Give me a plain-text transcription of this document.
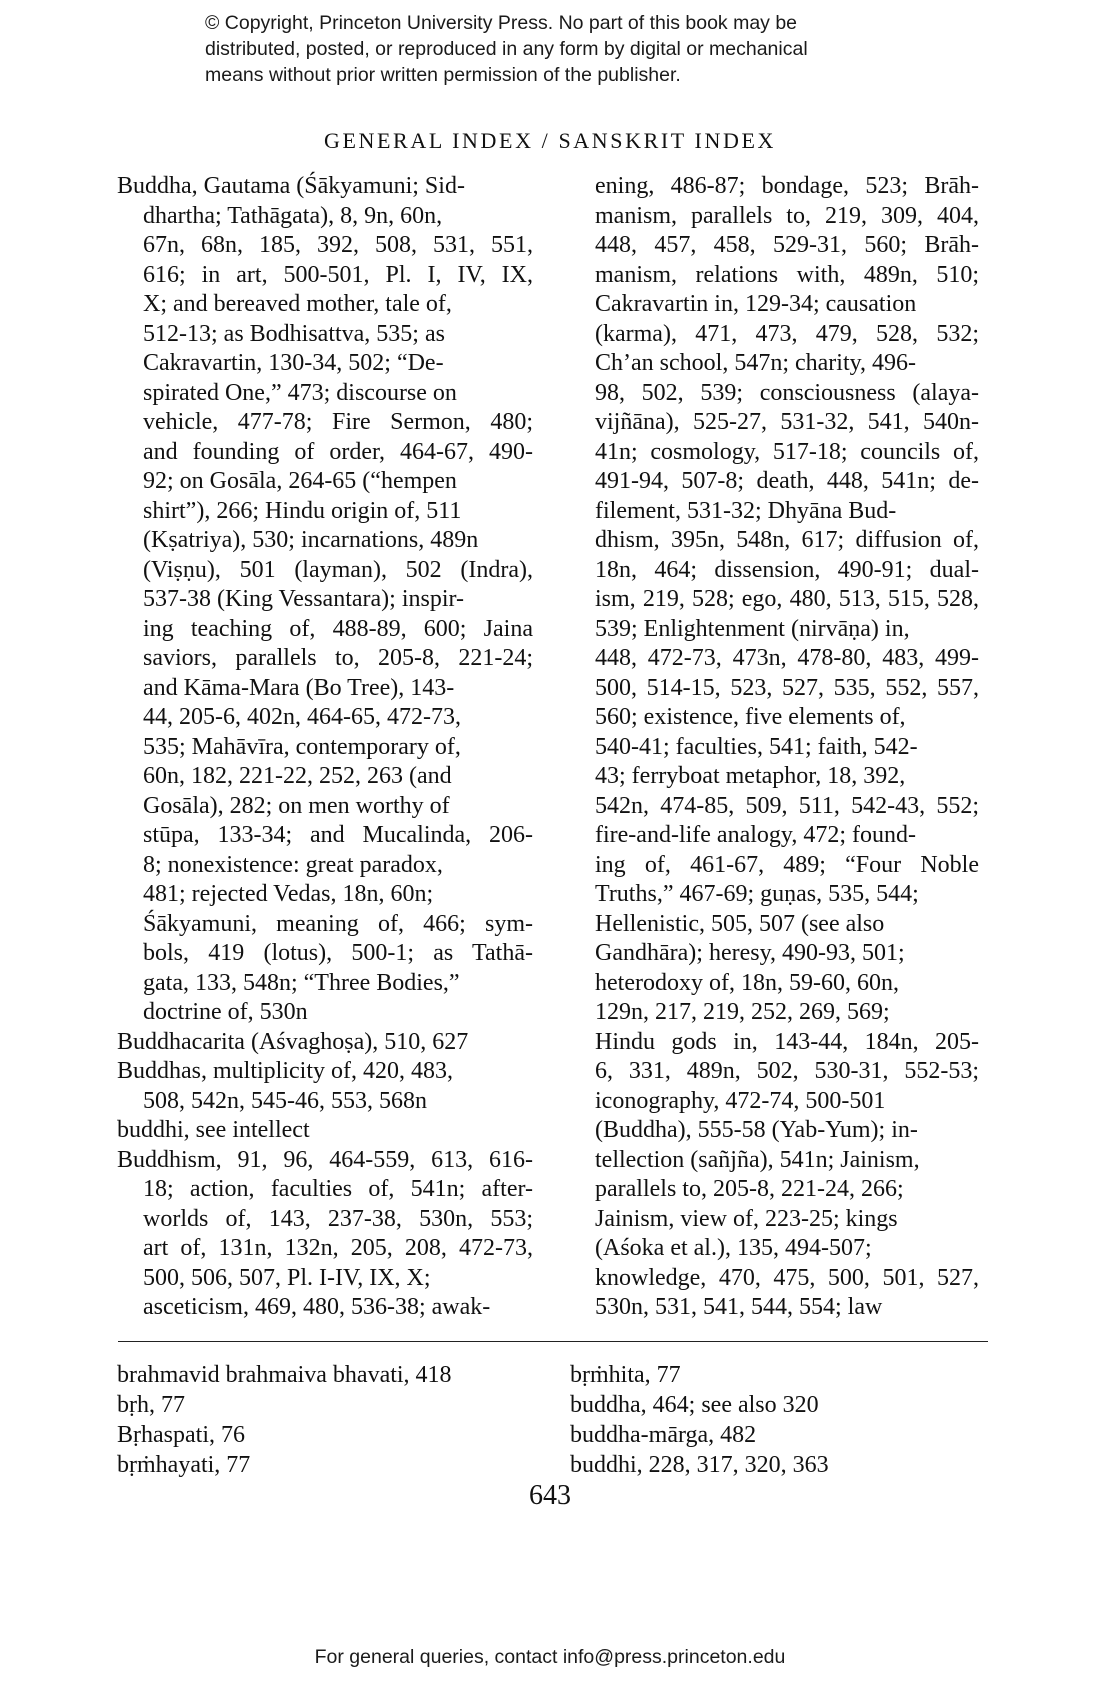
© Copyright, Princeton University Press. No part of this book may be
distributed, posted, or reproduced in any form by digital or mechanical
means without prior written permission of the publisher.
GENERAL INDEX / SANSKRIT INDEX
Buddha, Gautama (Śākyamuni; Sid-
dhartha; Tathāgata), 8, 9n, 60n,
67n, 68n, 185, 392, 508, 531, 551,
616; in art, 500-501, Pl. I, IV, IX,
X; and bereaved mother, tale of,
512-13; as Bodhisattva, 535; as
Cakravartin, 130-34, 502; “De-
spirated One,” 473; discourse on
vehicle, 477-78; Fire Sermon, 480;
and founding of order, 464-67, 490-
92; on Gosāla, 264-65 (“hempen
shirt”), 266; Hindu origin of, 511
(Kṣatriya), 530; incarnations, 489n
(Viṣṇu), 501 (layman), 502 (Indra),
537-38 (King Vessantara); inspir-
ing teaching of, 488-89, 600; Jaina
saviors, parallels to, 205-8, 221-24;
and Kāma-Mara (Bo Tree), 143-
44, 205-6, 402n, 464-65, 472-73,
535; Mahāvīra, contemporary of,
60n, 182, 221-22, 252, 263 (and
Gosāla), 282; on men worthy of
stūpa, 133-34; and Mucalinda, 206-
8; nonexistence: great paradox,
481; rejected Vedas, 18n, 60n;
Śākyamuni, meaning of, 466; sym-
bols, 419 (lotus), 500-1; as Tathā-
gata, 133, 548n; “Three Bodies,”
doctrine of, 530n
Buddhacarita (Aśvaghoṣa), 510, 627
Buddhas, multiplicity of, 420, 483,
508, 542n, 545-46, 553, 568n
buddhi, see intellect
Buddhism, 91, 96, 464-559, 613, 616-
18; action, faculties of, 541n; after-
worlds of, 143, 237-38, 530n, 553;
art of, 131n, 132n, 205, 208, 472-73,
500, 506, 507, Pl. I-IV, IX, X;
asceticism, 469, 480, 536-38; awak-
ening, 486-87; bondage, 523; Brāh-
manism, parallels to, 219, 309, 404,
448, 457, 458, 529-31, 560; Brāh-
manism, relations with, 489n, 510;
Cakravartin in, 129-34; causation
(karma), 471, 473, 479, 528, 532;
Ch’an school, 547n; charity, 496-
98, 502, 539; consciousness (alaya-
vijñāna), 525-27, 531-32, 541, 540n-
41n; cosmology, 517-18; councils of,
491-94, 507-8; death, 448, 541n; de-
filement, 531-32; Dhyāna Bud-
dhism, 395n, 548n, 617; diffusion of,
18n, 464; dissension, 490-91; dual-
ism, 219, 528; ego, 480, 513, 515, 528,
539; Enlightenment (nirvāṇa) in,
448, 472-73, 473n, 478-80, 483, 499-
500, 514-15, 523, 527, 535, 552, 557,
560; existence, five elements of,
540-41; faculties, 541; faith, 542-
43; ferryboat metaphor, 18, 392,
542n, 474-85, 509, 511, 542-43, 552;
fire-and-life analogy, 472; found-
ing of, 461-67, 489; “Four Noble
Truths,” 467-69; guṇas, 535, 544;
Hellenistic, 505, 507 (see also
Gandhāra); heresy, 490-93, 501;
heterodoxy of, 18n, 59-60, 60n,
129n, 217, 219, 252, 269, 569;
Hindu gods in, 143-44, 184n, 205-
6, 331, 489n, 502, 530-31, 552-53;
iconography, 472-74, 500-501
(Buddha), 555-58 (Yab-Yum); in-
tellection (sañjña), 541n; Jainism,
parallels to, 205-8, 221-24, 266;
Jainism, view of, 223-25; kings
(Aśoka et al.), 135, 494-507;
knowledge, 470, 475, 500, 501, 527,
530n, 531, 541, 544, 554; law
brahmavid brahmaiva bhavati, 418
bṛh, 77
Bṛhaspati, 76
bṛṁhayati, 77
bṛṁhita, 77
buddha, 464; see also 320
buddha-mārga, 482
buddhi, 228, 317, 320, 363
643
For general queries, contact info@press.princeton.edu
